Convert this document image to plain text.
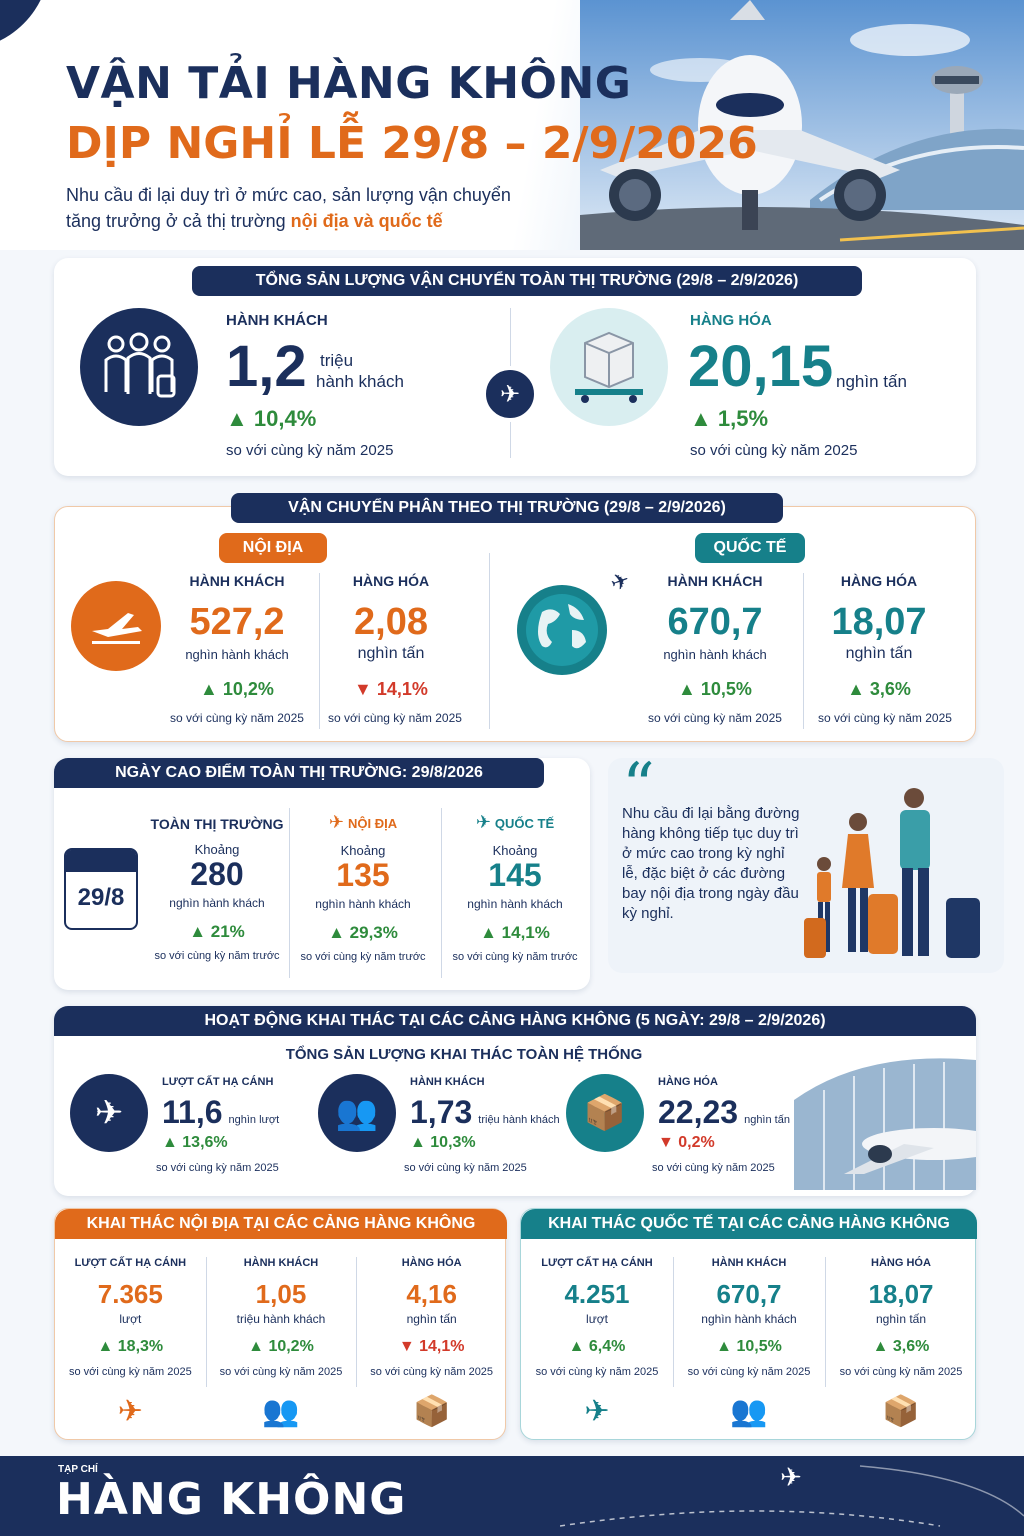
VẬN TẢI HÀNG KHÔNG
DỊP NGHỈ LỄ 29/8 – 2/9/2026
Nhu cầu đi lại duy trì ở mức cao, sản lượng vận chuyển
tăng trưởng ở cả thị trường nội địa và quốc tế
TỔNG SẢN LƯỢNG VẬN CHUYỂN TOÀN THỊ TRƯỜNG (29/8 – 2/9/2026)
HÀNH KHÁCH
1,2 triệu
hành khách
▲ 10,4%
so với cùng kỳ năm 2025
✈
HÀNG HÓA
20,15 nghìn tấn
▲ 1,5%
so với cùng kỳ năm 2025
VẬN CHUYỂN PHÂN THEO THỊ TRƯỜNG (29/8 – 2/9/2026)
NỘI ĐỊA
HÀNH KHÁCH
527,2
nghìn hành khách
▲ 10,2%
so với cùng kỳ năm 2025
HÀNG HÓA
2,08
nghìn tấn
▼ 14,1%
so với cùng kỳ năm 2025
QUỐC TẾ
✈	HÀNH KHÁCH
670,7
nghìn hành khách
▲ 10,5%
so với cùng kỳ năm 2025
HÀNG HÓA
18,07
nghìn tấn
▲ 3,6%
so với cùng kỳ năm 2025
NGÀY CAO ĐIỂM TOÀN THỊ TRƯỜNG: 29/8/2026
29/8
TOÀN THỊ TRƯỜNG
Khoảng
280
nghìn hành khách
▲ 21%
so với cùng kỳ năm trước
✈ NỘI ĐỊA
Khoảng
135
nghìn hành khách
▲ 29,3%
so với cùng kỳ năm trước
✈ QUỐC TẾ
Khoảng
145
nghìn hành khách
▲ 14,1%
so với cùng kỳ năm trước
“
Nhu cầu đi lại bằng đường hàng không tiếp tục duy trì ở mức cao trong kỳ nghỉ lễ, đặc biệt ở các đường bay nội địa trong ngày đầu kỳ nghỉ.
HOẠT ĐỘNG KHAI THÁC TẠI CÁC CẢNG HÀNG KHÔNG (5 NGÀY: 29/8 – 2/9/2026)
TỔNG SẢN LƯỢNG KHAI THÁC TOÀN HỆ THỐNG
✈
LƯỢT CẤT HẠ CÁNH
11,6 nghìn lượt
▲ 13,6%
so với cùng kỳ năm 2025
👥
HÀNH KHÁCH
1,73 triệu hành khách
▲ 10,3%
so với cùng kỳ năm 2025
📦
HÀNG HÓA
22,23 nghìn tấn
▼ 0,2%
so với cùng kỳ năm 2025
KHAI THÁC NỘI ĐỊA TẠI CÁC CẢNG HÀNG KHÔNG
LƯỢT CẤT HẠ CÁNH
7.365
lượt
▲ 18,3%
so với cùng kỳ năm 2025
✈
HÀNH KHÁCH
1,05
triệu hành khách
▲ 10,2%
so với cùng kỳ năm 2025
👥
HÀNG HÓA
4,16
nghìn tấn
▼ 14,1%
so với cùng kỳ năm 2025
📦
KHAI THÁC QUỐC TẾ TẠI CÁC CẢNG HÀNG KHÔNG
LƯỢT CẤT HẠ CÁNH
4.251
lượt
▲ 6,4%
so với cùng kỳ năm 2025
✈
HÀNH KHÁCH
670,7
nghìn hành khách
▲ 10,5%
so với cùng kỳ năm 2025
👥
HÀNG HÓA
18,07
nghìn tấn
▲ 3,6%
so với cùng kỳ năm 2025
📦
TẠP CHÍ
HÀNG KHÔNG	✈
